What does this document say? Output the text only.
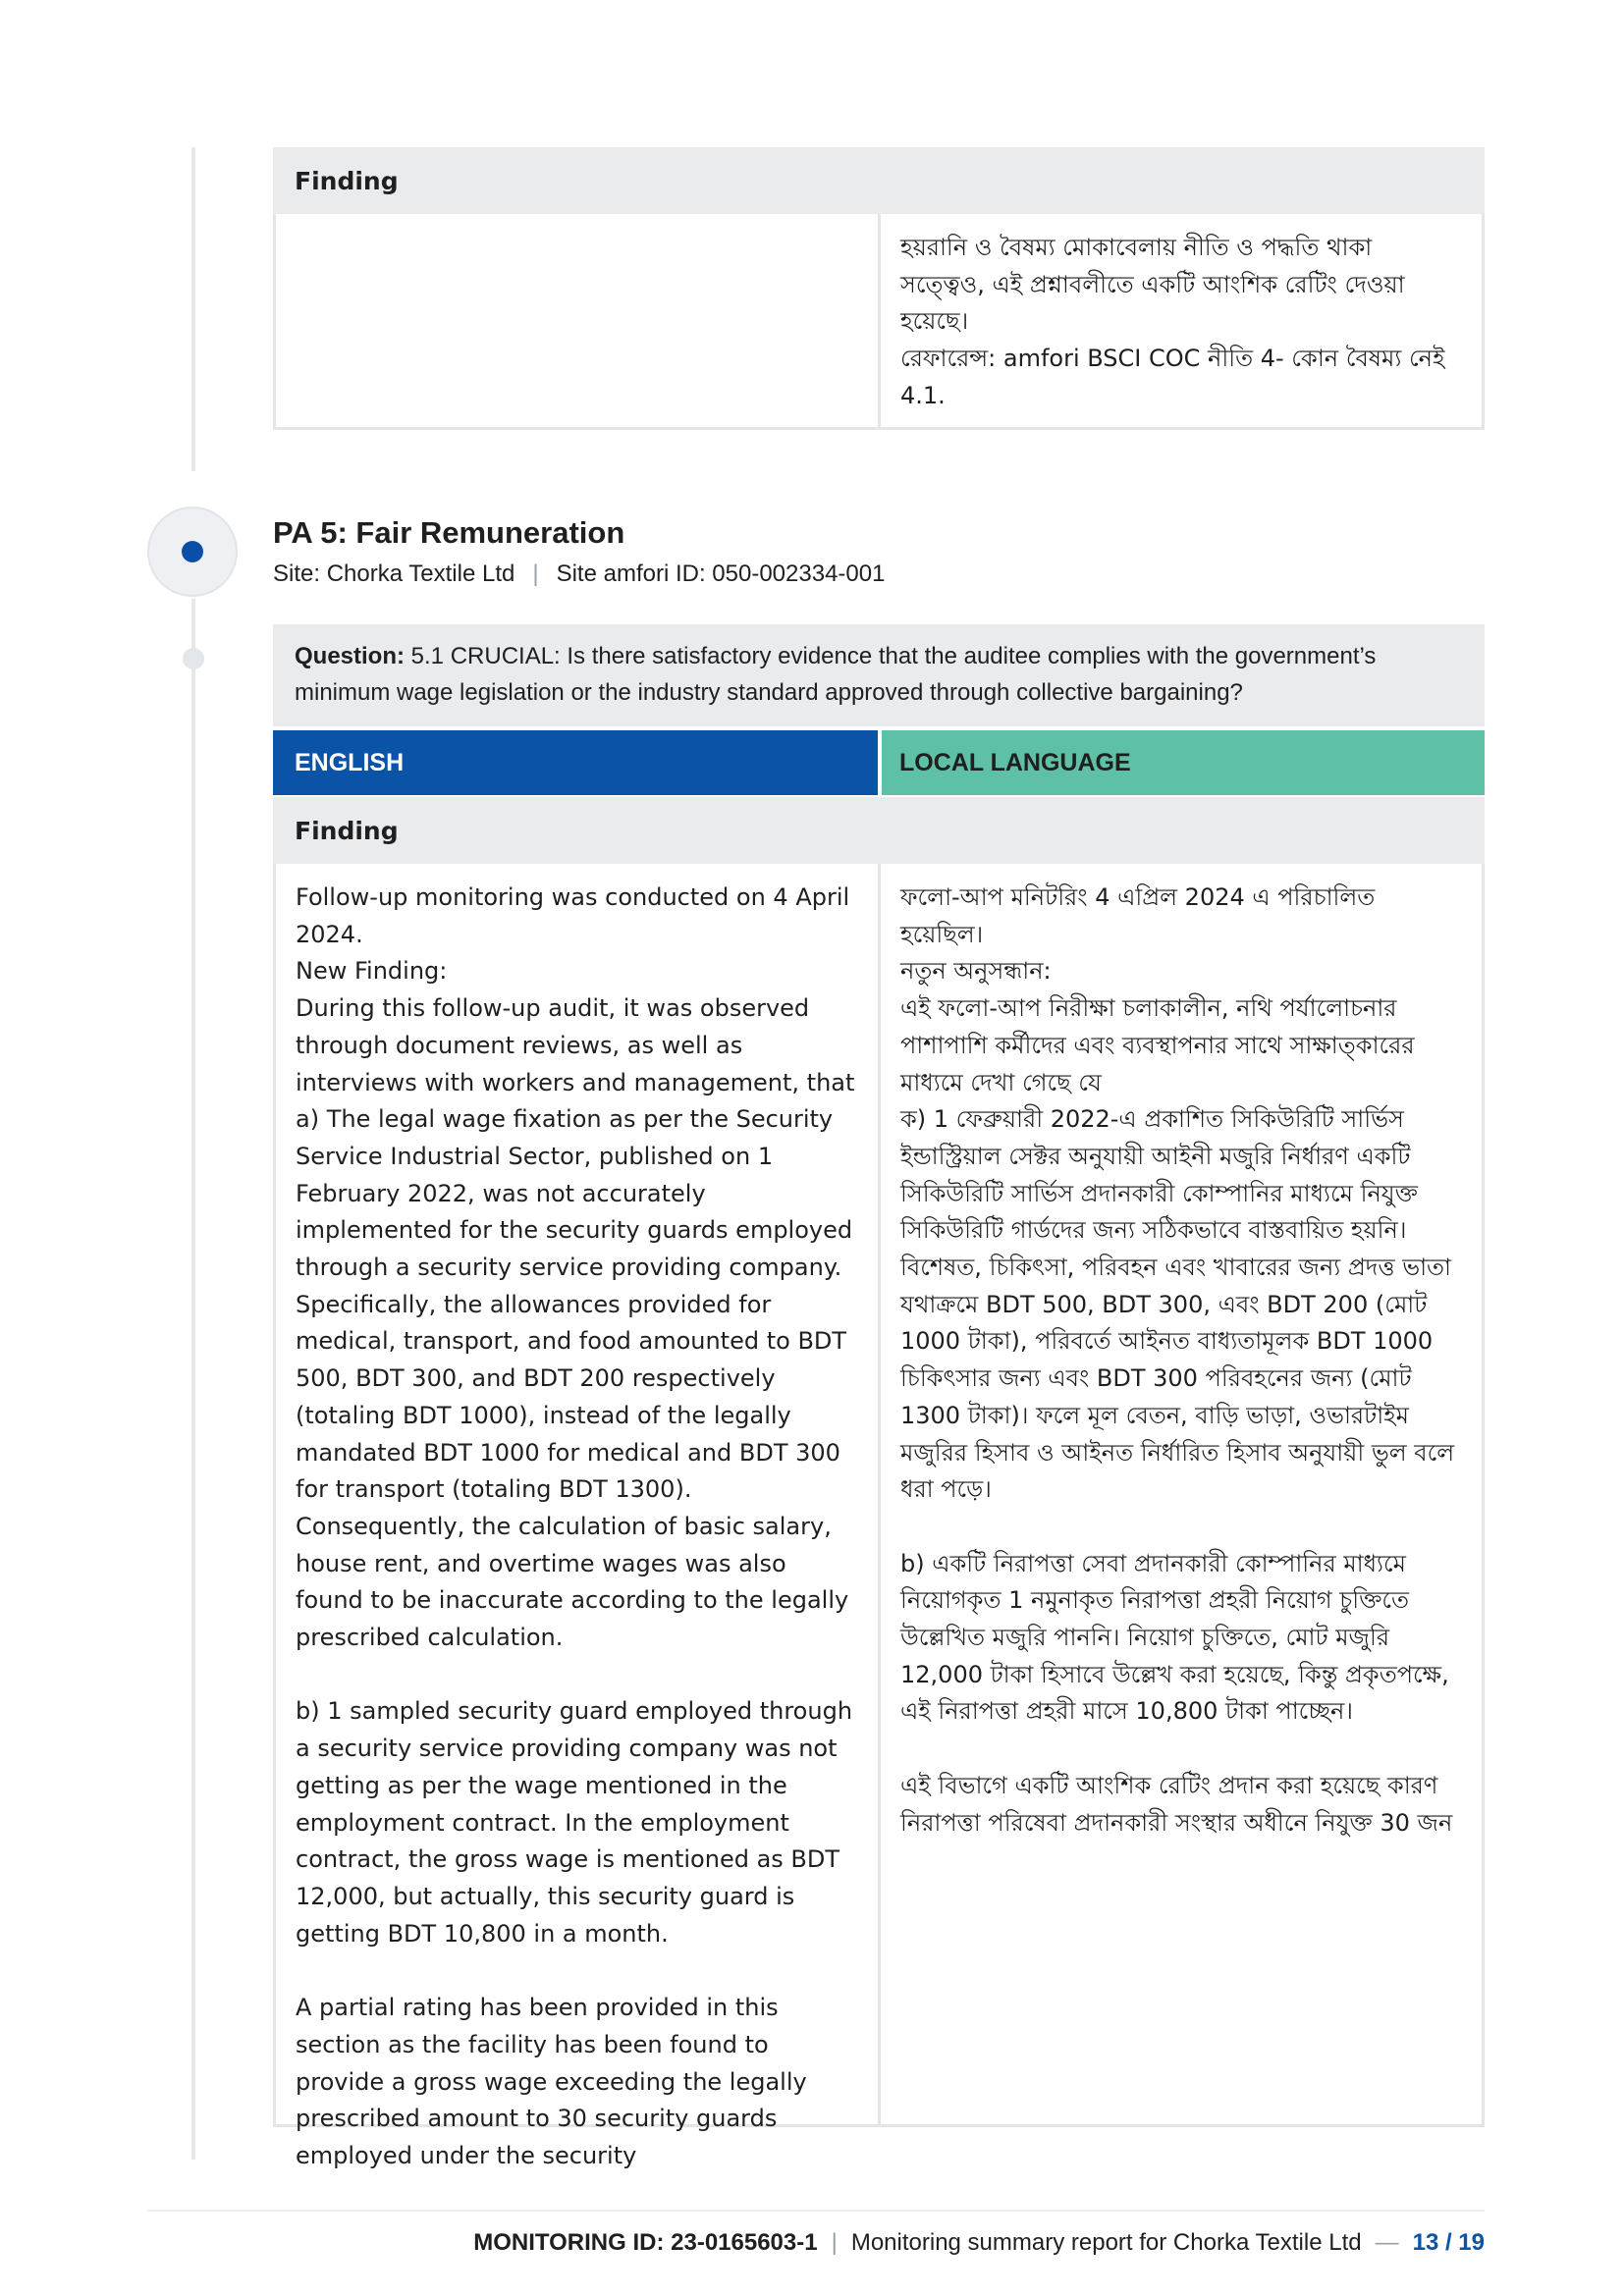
Finding
হয়রানি ও বৈষম্য মোকাবেলায় নীতি ও পদ্ধতি থাকা সত্ত্বেও, এই প্রশ্নাবলীতে একটি আংশিক রেটিং দেওয়া হয়েছে।
রেফারেন্স: amfori BSCI COC নীতি 4- কোন বৈষম্য নেই 4.1.
PA 5: Fair Remuneration
Site: Chorka Textile Ltd | Site amfori ID: 050-002334-001
Question: 5.1 CRUCIAL: Is there satisfactory evidence that the auditee complies with the government’s minimum wage legislation or the industry standard approved through collective bargaining?
ENGLISH	LOCAL LANGUAGE
Finding
Follow-up monitoring was conducted on 4 April 2024.
New Finding:
During this follow-up audit, it was observed through document reviews, as well as interviews with workers and management, that
a) The legal wage fixation as per the Security Service Industrial Sector, published on 1 February 2022, was not accurately implemented for the security guards employed through a security service providing company. Specifically, the allowances provided for medical, transport, and food amounted to BDT 500, BDT 300, and BDT 200 respectively (totaling BDT 1000), instead of the legally mandated BDT 1000 for medical and BDT 300 for transport (totaling BDT 1300). Consequently, the calculation of basic salary, house rent, and overtime wages was also found to be inaccurate according to the legally prescribed calculation.

b) 1 sampled security guard employed through a security service providing company was not getting as per the wage mentioned in the employment contract. In the employment contract, the gross wage is mentioned as BDT 12,000, but actually, this security guard is getting BDT 10,800 in a month.

A partial rating has been provided in this section as the facility has been found to provide a gross wage exceeding the legally prescribed amount to 30 security guards employed under the security
ফলো-আপ মনিটরিং 4 এপ্রিল 2024 এ পরিচালিত হয়েছিল।
নতুন অনুসন্ধান:
এই ফলো-আপ নিরীক্ষা চলাকালীন, নথি পর্যালোচনার পাশাপাশি কর্মীদের এবং ব্যবস্থাপনার সাথে সাক্ষাত্কারের মাধ্যমে দেখা গেছে যে
ক) 1 ফেব্রুয়ারী 2022-এ প্রকাশিত সিকিউরিটি সার্ভিস ইন্ডাস্ট্রিয়াল সেক্টর অনুযায়ী আইনী মজুরি নির্ধারণ একটি সিকিউরিটি সার্ভিস প্রদানকারী কোম্পানির মাধ্যমে নিযুক্ত সিকিউরিটি গার্ডদের জন্য সঠিকভাবে বাস্তবায়িত হয়নি। বিশেষত, চিকিৎসা, পরিবহন এবং খাবারের জন্য প্রদত্ত ভাতা যথাক্রমে BDT 500, BDT 300, এবং BDT 200 (মোট 1000 টাকা), পরিবর্তে আইনত বাধ্যতামূলক BDT 1000 চিকিৎসার জন্য এবং BDT 300 পরিবহনের জন্য (মোট 1300 টাকা)। ফলে মূল বেতন, বাড়ি ভাড়া, ওভারটাইম মজুরির হিসাব ও আইনত নির্ধারিত হিসাব অনুযায়ী ভুল বলে ধরা পড়ে।

b) একটি নিরাপত্তা সেবা প্রদানকারী কোম্পানির মাধ্যমে নিয়োগকৃত 1 নমুনাকৃত নিরাপত্তা প্রহরী নিয়োগ চুক্তিতে উল্লেখিত মজুরি পাননি। নিয়োগ চুক্তিতে, মোট মজুরি 12,000 টাকা হিসাবে উল্লেখ করা হয়েছে, কিন্তু প্রকৃতপক্ষে, এই নিরাপত্তা প্রহরী মাসে 10,800 টাকা পাচ্ছেন।

এই বিভাগে একটি আংশিক রেটিং প্রদান করা হয়েছে কারণ নিরাপত্তা পরিষেবা প্রদানকারী সংস্থার অধীনে নিযুক্ত 30 জন
MONITORING ID: 23-0165603-1 | Monitoring summary report for Chorka Textile Ltd — 13 / 19
